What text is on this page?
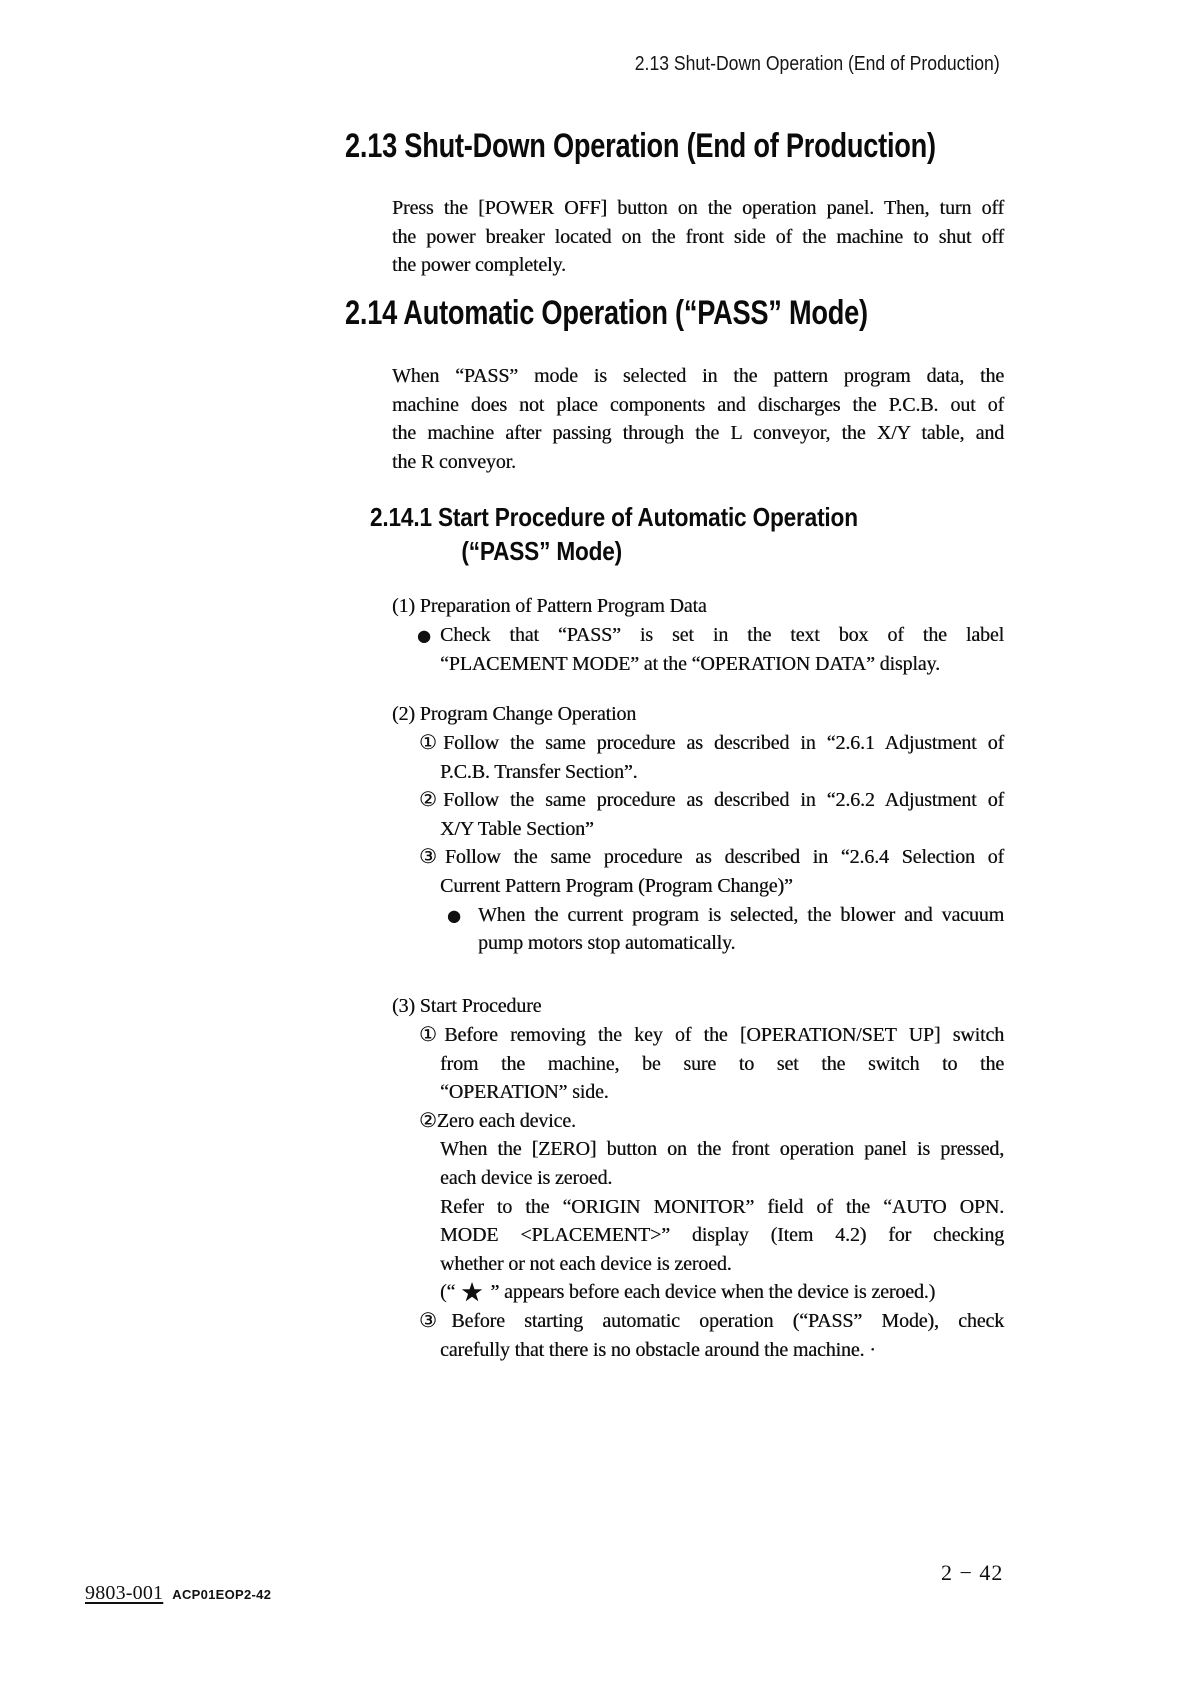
2.13 Shut-Down Operation (End of Production)
2.13 Shut-Down Operation (End of Production)
Press the [POWER OFF] button on the operation panel. Then, turn off
the power breaker located on the front side of the machine to shut off
the power completely.
2.14 Automatic Operation (“PASS” Mode)
When “PASS” mode is selected in the pattern program data, the
machine does not place components and discharges the P.C.B. out of
the machine after passing through the L conveyor, the X/Y table, and
the R conveyor.
2.14.1 Start Procedure of Automatic Operation
(“PASS” Mode)
(1) Preparation of Pattern Program Data
● Check that “PASS” is set in the text box of the label
“PLACEMENT MODE” at the “OPERATION DATA” display.
(2) Program Change Operation
①Follow the same procedure as described in “2.6.1 Adjustment of
P.C.B. Transfer Section”.
②Follow the same procedure as described in “2.6.2 Adjustment of
X/Y Table Section”
③Follow the same procedure as described in “2.6.4 Selection of
Current Pattern Program (Program Change)”
● When the current program is selected, the blower and vacuum
pump motors stop automatically.
(3) Start Procedure
①Before removing the key of the [OPERATION/SET UP] switch
from the machine, be sure to set the switch to the
“OPERATION” side.
②Zero each device.
When the [ZERO] button on the front operation panel is pressed,
each device is zeroed.
Refer to the “ORIGIN MONITOR” field of the “AUTO OPN.
MODE <PLACEMENT>” display (Item 4.2) for checking
whether or not each device is zeroed.
(“ ★ ” appears before each device when the device is zeroed.)
③Before starting automatic operation (“PASS” Mode), check
carefully that there is no obstacle around the machine. ·
9803-001 ACP01EOP2-42
2 − 42
